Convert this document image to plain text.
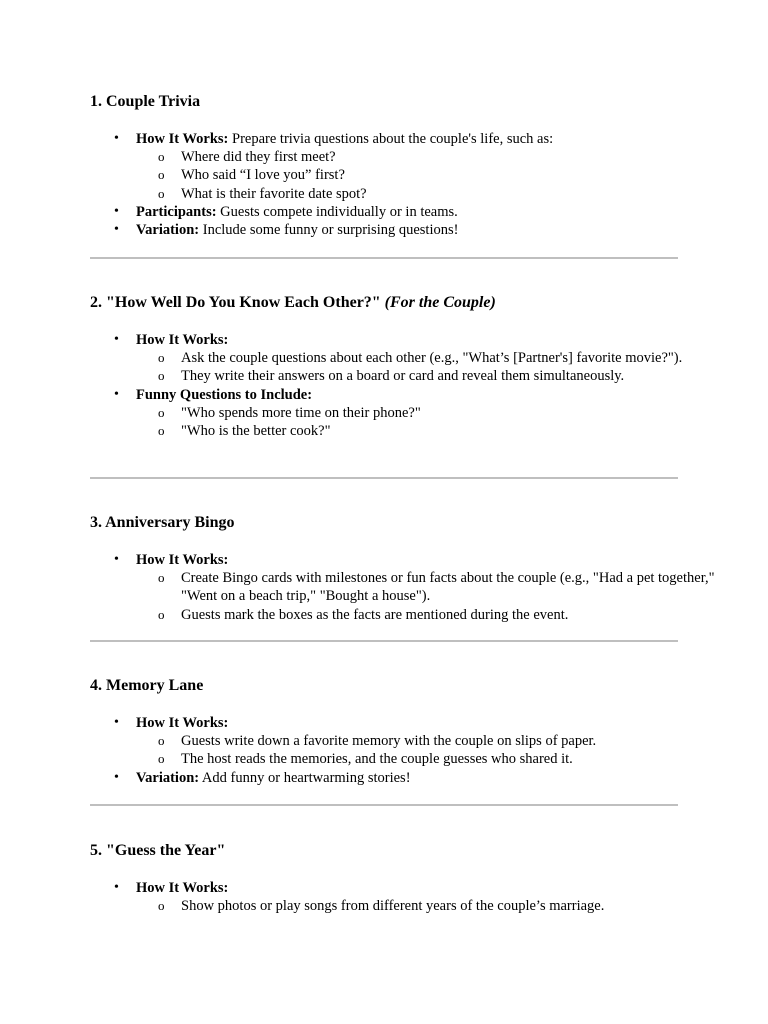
1. Couple Trivia
• How It Works: Prepare trivia questions about the couple's life, such as:
o Where did they first meet?
o Who said “I love you” first?
o What is their favorite date spot?
• Participants: Guests compete individually or in teams.
• Variation: Include some funny or surprising questions!
2. "How Well Do You Know Each Other?" (For the Couple)
• How It Works:
o Ask the couple questions about each other (e.g., "What’s [Partner's] favorite movie?").
o They write their answers on a board or card and reveal them simultaneously.
• Funny Questions to Include:
o "Who spends more time on their phone?"
o "Who is the better cook?"
3. Anniversary Bingo
• How It Works:
o Create Bingo cards with milestones or fun facts about the couple (e.g., "Had a pet together," "Went on a beach trip," "Bought a house").
o Guests mark the boxes as the facts are mentioned during the event.
4. Memory Lane
• How It Works:
o Guests write down a favorite memory with the couple on slips of paper.
o The host reads the memories, and the couple guesses who shared it.
• Variation: Add funny or heartwarming stories!
5. "Guess the Year"
• How It Works:
o Show photos or play songs from different years of the couple’s marriage.
